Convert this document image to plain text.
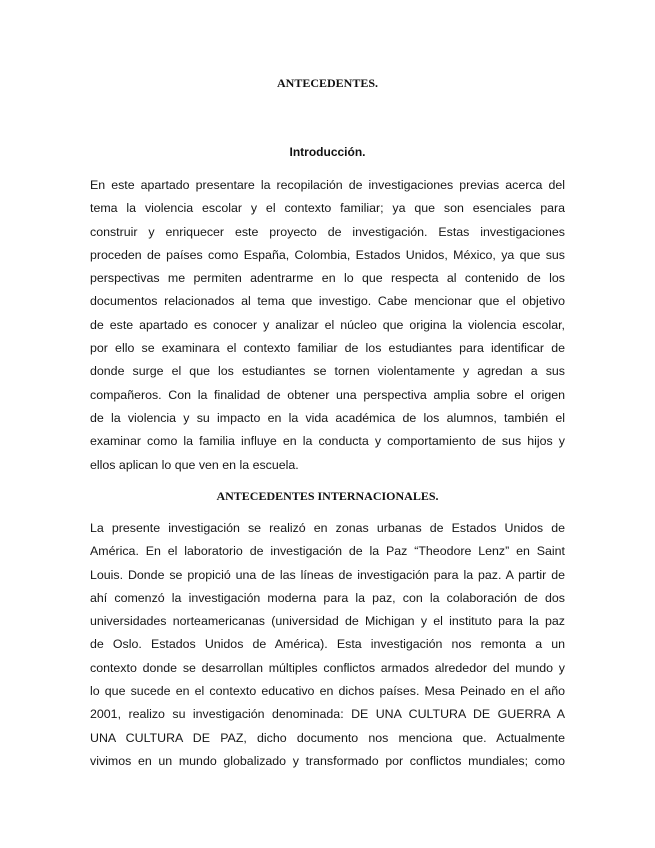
ANTECEDENTES.
Introducción.
En este apartado presentare la recopilación de investigaciones previas acerca del
tema la violencia escolar y el contexto familiar; ya que son esenciales para
construir y enriquecer este proyecto de investigación. Estas investigaciones
proceden de países como España, Colombia, Estados Unidos, México, ya que sus
perspectivas me permiten adentrarme en lo que respecta al contenido de los
documentos relacionados al tema que investigo. Cabe mencionar que el objetivo
de este apartado es conocer y analizar el núcleo que origina la violencia escolar,
por ello se examinara el contexto familiar de los estudiantes para identificar de
donde surge el que los estudiantes se tornen violentamente y agredan a sus
compañeros. Con la finalidad de obtener una perspectiva amplia sobre el origen
de la violencia y su impacto en la vida académica de los alumnos, también el
examinar como la familia influye en la conducta y comportamiento de sus hijos y
ellos aplican lo que ven en la escuela.
ANTECEDENTES INTERNACIONALES.
La presente investigación se realizó en zonas urbanas de Estados Unidos de
América. En el laboratorio de investigación de la Paz “Theodore Lenz” en Saint
Louis. Donde se propició una de las líneas de investigación para la paz. A partir de
ahí comenzó la investigación moderna para la paz, con la colaboración de dos
universidades norteamericanas (universidad de Michigan y el instituto para la paz
de Oslo. Estados Unidos de América). Esta investigación nos remonta a un
contexto donde se desarrollan múltiples conflictos armados alrededor del mundo y
lo que sucede en el contexto educativo en dichos países. Mesa Peinado en el año
2001, realizo su investigación denominada: DE UNA CULTURA DE GUERRA A
UNA CULTURA DE PAZ, dicho documento nos menciona que. Actualmente
vivimos en un mundo globalizado y transformado por conflictos mundiales; como
